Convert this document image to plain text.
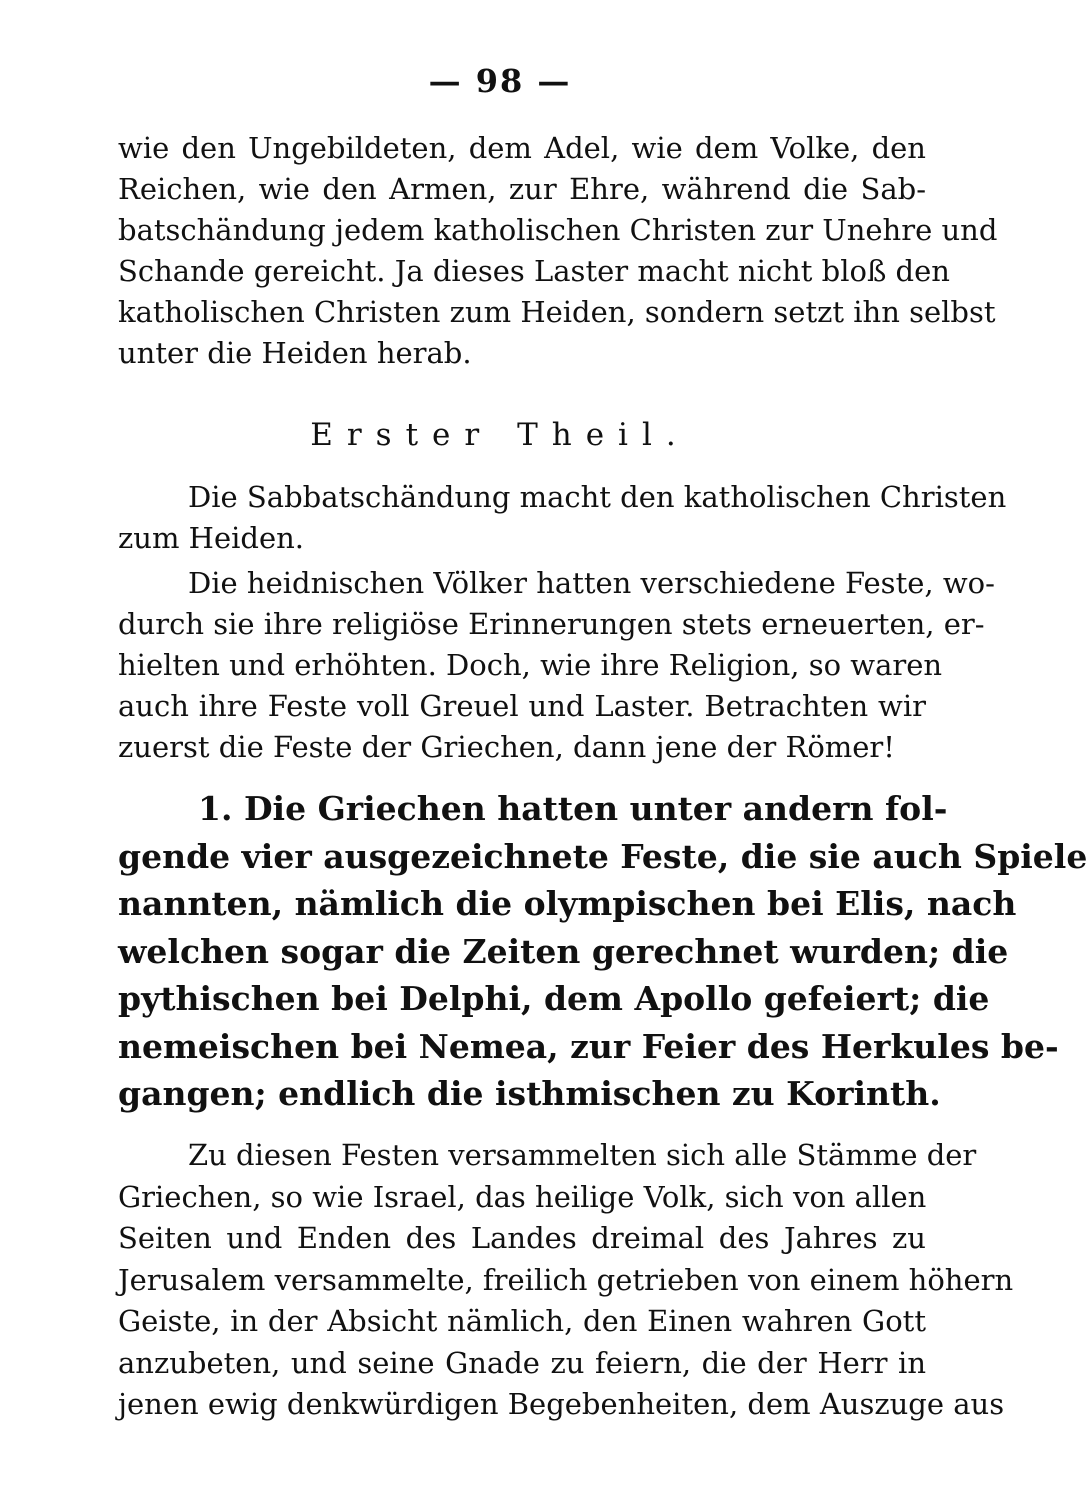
— 98 —
wie den Ungebildeten, dem Adel, wie dem Volke, den
Reichen, wie den Armen, zur Ehre, während die Sab-
batschändung jedem katholischen Christen zur Unehre und
Schande gereicht. Ja dieses Laster macht nicht bloß den
katholischen Christen zum Heiden, sondern setzt ihn selbst
unter die Heiden herab.
Erster Theil.
Die Sabbatschändung macht den katholischen Christen
zum Heiden.
Die heidnischen Völker hatten verschiedene Feste, wo-
durch sie ihre religiöse Erinnerungen stets erneuerten, er-
hielten und erhöhten. Doch, wie ihre Religion, so waren
auch ihre Feste voll Greuel und Laster. Betrachten wir
zuerst die Feste der Griechen, dann jene der Römer!
1. Die Griechen hatten unter andern fol-
gende vier ausgezeichnete Feste, die sie auch Spiele
nannten, nämlich die olympischen bei Elis, nach
welchen sogar die Zeiten gerechnet wurden; die
pythischen bei Delphi, dem Apollo gefeiert; die
nemeischen bei Nemea, zur Feier des Herkules be-
gangen; endlich die isthmischen zu Korinth.
Zu diesen Festen versammelten sich alle Stämme der
Griechen, so wie Israel, das heilige Volk, sich von allen
Seiten und Enden des Landes dreimal des Jahres zu
Jerusalem versammelte, freilich getrieben von einem höhern
Geiste, in der Absicht nämlich, den Einen wahren Gott
anzubeten, und seine Gnade zu feiern, die der Herr in
jenen ewig denkwürdigen Begebenheiten, dem Auszuge aus
